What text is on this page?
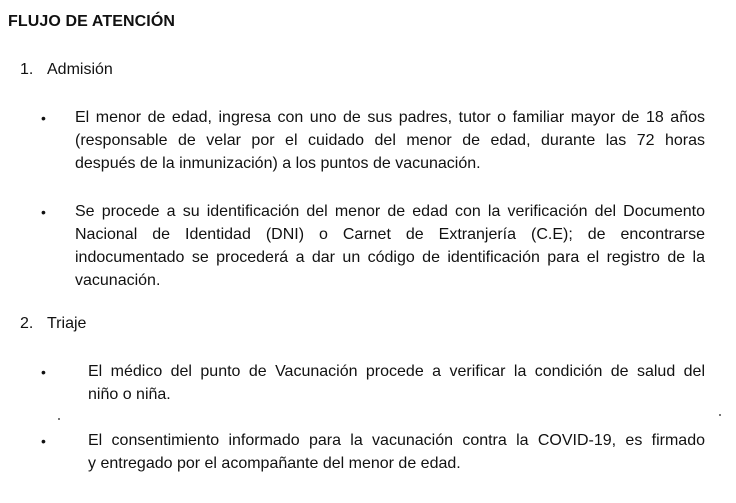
FLUJO DE ATENCIÓN
1. Admisión
• El menor de edad, ingresa con uno de sus padres, tutor o familiar mayor de 18 años
(responsable de velar por el cuidado del menor de edad, durante las 72 horas
después de la inmunización) a los puntos de vacunación.
• Se procede a su identificación del menor de edad con la verificación del Documento
Nacional de Identidad (DNI) o Carnet de Extranjería (C.E); de encontrarse
indocumentado se procederá a dar un código de identificación para el registro de la
vacunación.
2. Triaje
•	El médico del punto de Vacunación procede a verificar la condición de salud del
niño o niña.
•	El consentimiento informado para la vacunación contra la COVID-19, es firmado
y entregado por el acompañante del menor de edad.
